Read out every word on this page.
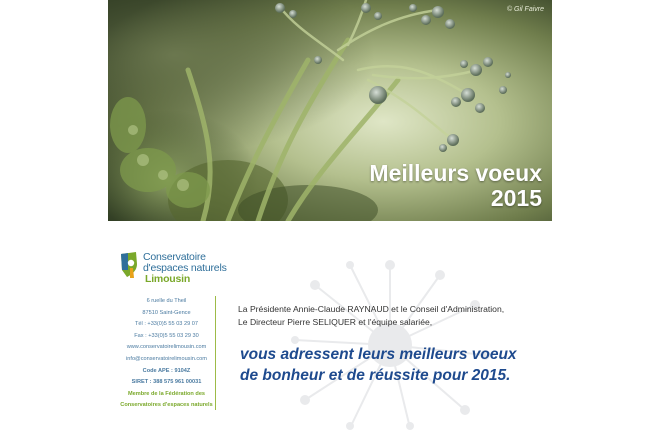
© Gil Faivre
Meilleurs voeux
2015
Conservatoire
d'espaces naturels
Limousin
6 ruelle du Theil
87510 Saint-Gence
Tél : +33(0)5 55 03 29 07
Fax : +33(0)5 55 03 29 30
www.conservatoirelimousin.com
info@conservatoirelimousin.com
Code APE : 9104Z
SIRET : 388 575 961 00031
Membre de la Fédération des
Conservatoires d'espaces naturels
La Présidente Annie-Claude RAYNAUD et le Conseil d'Administration,
Le Directeur Pierre SELIQUER et l'équipe salariée,
vous adressent leurs meilleurs voeux
de bonheur et de réussite pour 2015.
